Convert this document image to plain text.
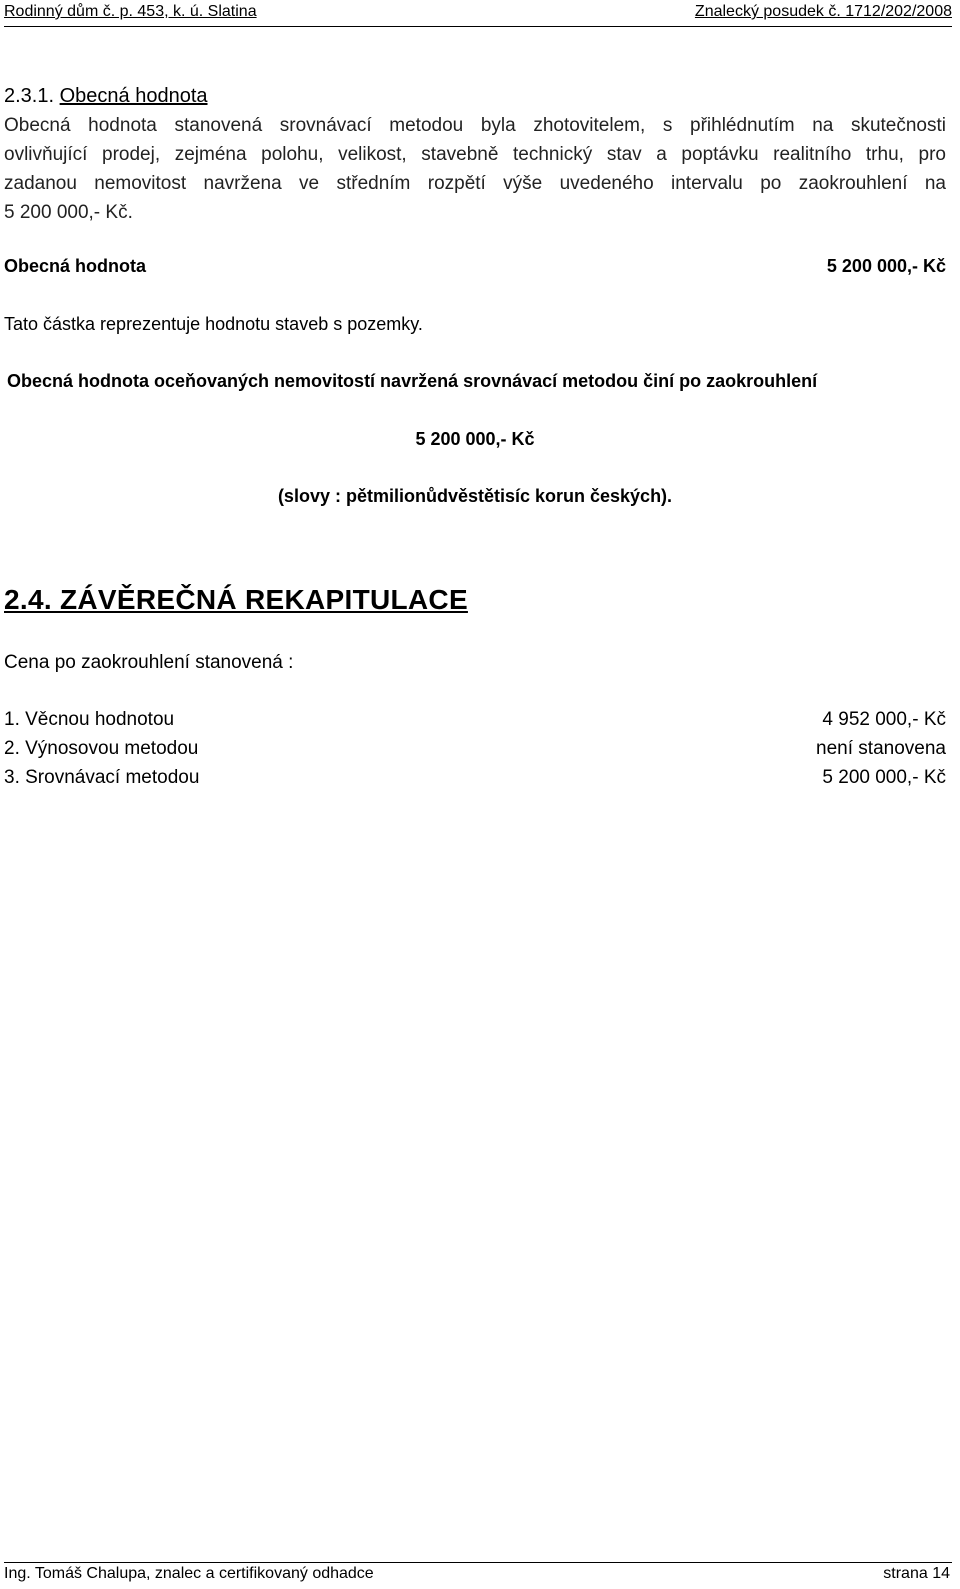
Rodinný dům č. p. 453, k. ú. Slatina	Znalecký posudek č. 1712/202/2008
2.3.1. Obecná hodnota
Obecná hodnota stanovená srovnávací metodou byla zhotovitelem, s přihlédnutím na skutečnosti
ovlivňující prodej, zejména polohu, velikost, stavebně technický stav a poptávku realitního trhu, pro
zadanou nemovitost navržena ve středním rozpětí výše uvedeného intervalu po zaokrouhlení na
5 200 000,- Kč.
Obecná hodnota	5 200 000,- Kč
Tato částka reprezentuje hodnotu staveb s pozemky.
Obecná hodnota oceňovaných nemovitostí navržená srovnávací metodou činí po zaokrouhlení
5 200 000,- Kč
(slovy : pětmilionůdvěstětisíc korun českých).
2.4. ZÁVĚREČNÁ REKAPITULACE
Cena po zaokrouhlení stanovená :
1. Věcnou hodnotou	4 952 000,- Kč
2. Výnosovou metodou	není stanovena
3. Srovnávací metodou	5 200 000,- Kč
Ing. Tomáš Chalupa, znalec a certifikovaný odhadce	strana 14
